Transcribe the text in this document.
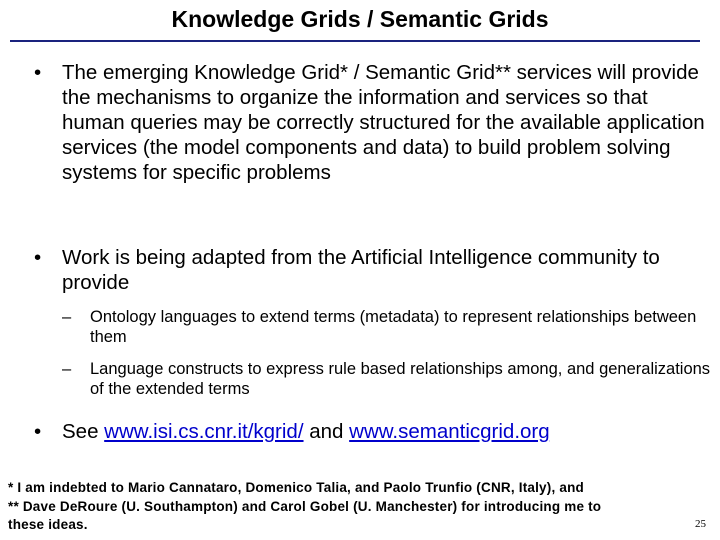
Knowledge Grids / Semantic Grids
•	The emerging Knowledge Grid* / Semantic Grid** services will provide the mechanisms to organize the information and services so that human queries may be correctly structured for the available application services (the model components and data) to build problem solving systems for specific problems
•	Work is being adapted from the Artificial Intelligence community to provide
– Ontology languages to extend terms (metadata) to represent relationships between them
– Language constructs to express rule based relationships among, and generalizations of the extended terms
•	See www.isi.cs.cnr.it/kgrid/ and www.semanticgrid.org
* I am indebted to Mario Cannataro, Domenico Talia, and Paolo Trunfio (CNR, Italy), and
** Dave DeRoure (U. Southampton) and Carol Gobel (U. Manchester) for introducing me to
these ideas.	25
